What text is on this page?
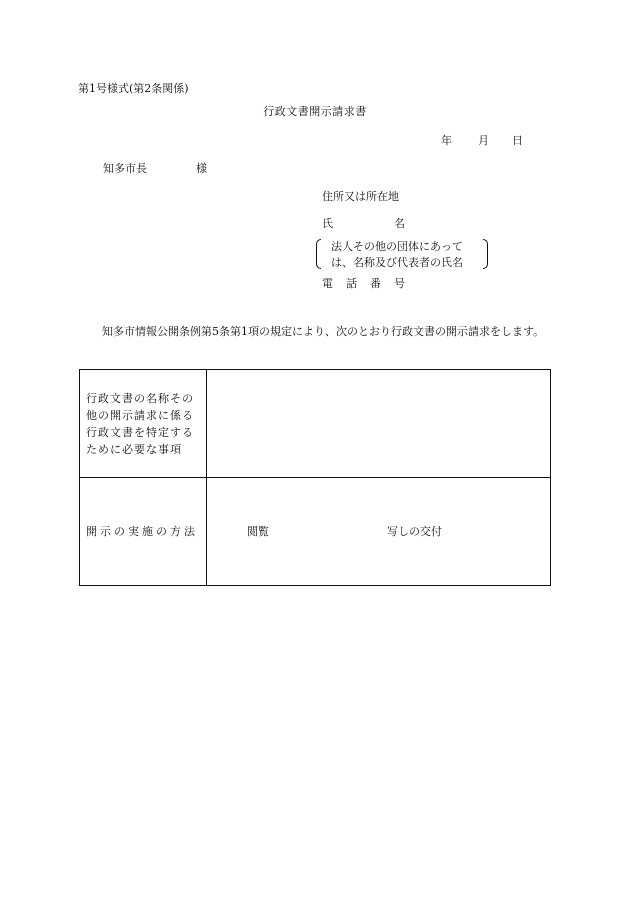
第1号様式(第2条関係)
行政文書開示請求書
年 月 日
知多市長	様
住所又は所在地
氏	名
法人その他の団体にあって
は、名称及び代表者の氏名
電話番号
知多市情報公開条例第5条第1項の規定により、次のとおり行政文書の開示請求をします。
行政文書の名称その他の開示請求に係る行政文書を特定するために必要な事項	
開示の実施の方法	閲覧 写しの交付
